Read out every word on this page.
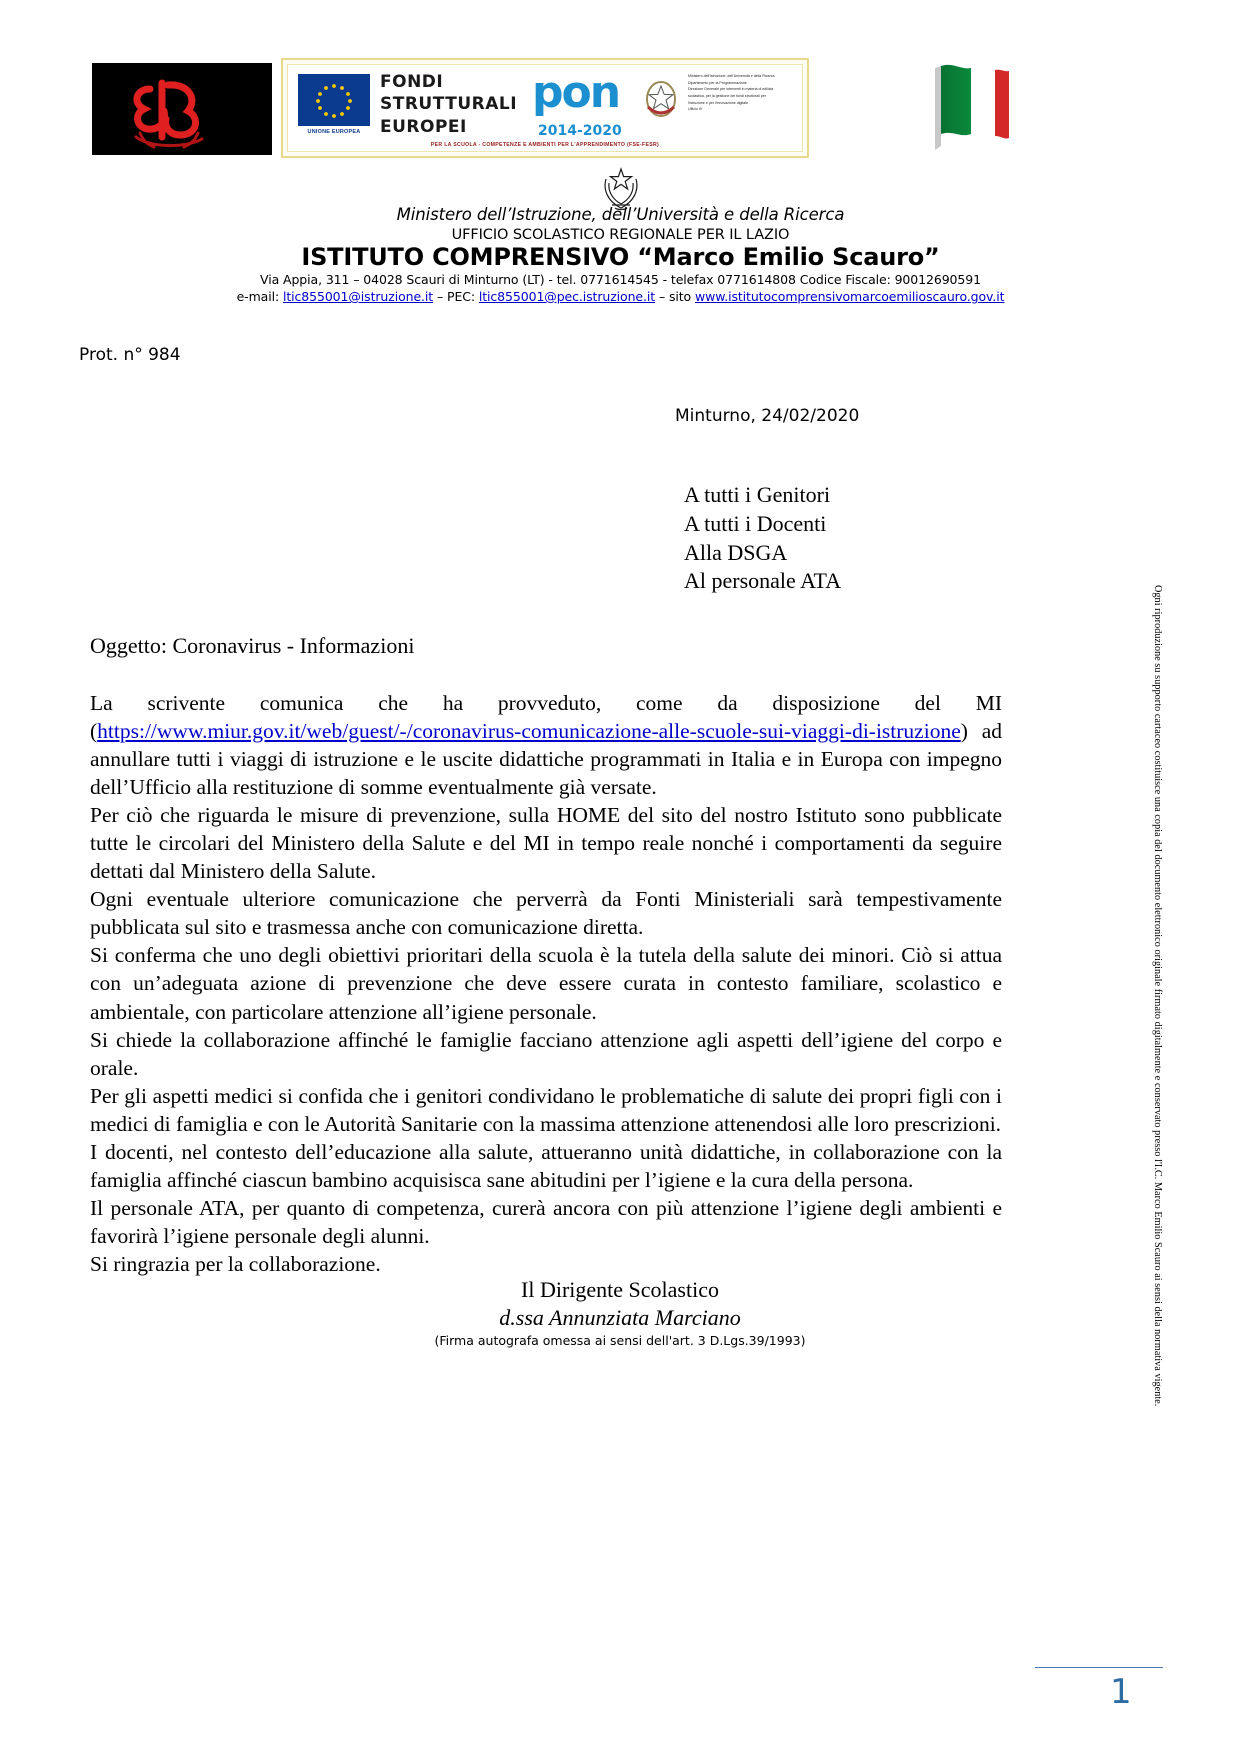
UNIONE EUROPEA
FONDI
STRUTTURALI
EUROPEI
pon
2014-2020
Ministero dell'Istruzione, dell'Università e della Ricerca
Dipartimento per la Programmazione
Direzione Generale per interventi in materia di edilizia
scolastica, per la gestione dei fondi strutturali per
l'istruzione e per l'innovazione digitale
Ufficio IV
PER LA SCUOLA - COMPETENZE E AMBIENTI PER L'APPRENDIMENTO (FSE-FESR)
Ministero dell’Istruzione, dell’Università e della Ricerca
UFFICIO SCOLASTICO REGIONALE PER IL LAZIO
ISTITUTO COMPRENSIVO “Marco Emilio Scauro”
Via Appia, 311 – 04028 Scauri di Minturno (LT) - tel. 0771614545 - telefax 0771614808 Codice Fiscale: 90012690591
e-mail: ltic855001@istruzione.it – PEC: ltic855001@pec.istruzione.it – sito www.istitutocomprensivomarcoemilioscauro.gov.it
Prot. n° 984
Minturno, 24/02/2020
A tutti i Genitori
A tutti i Docenti
Alla DSGA
Al personale ATA
Oggetto: Coronavirus - Informazioni

La scrivente comunica che ha provveduto, come da disposizione del MI
(https://www.miur.gov.it/web/guest/-/coronavirus-comunicazione-alle-scuole-sui-viaggi-di-istruzione) ad annullare tutti i viaggi di istruzione e le uscite didattiche programmati in Italia e in Europa con impegno dell’Ufficio alla restituzione di somme eventualmente già versate.

Per ciò che riguarda le misure di prevenzione, sulla HOME del sito del nostro Istituto sono pubblicate tutte le circolari del Ministero della Salute e del MI in tempo reale nonché i comportamenti da seguire dettati dal Ministero della Salute.

Ogni eventuale ulteriore comunicazione che perverrà da Fonti Ministeriali sarà tempestivamente pubblicata sul sito e trasmessa anche con comunicazione diretta.

Si conferma che uno degli obiettivi prioritari della scuola è la tutela della salute dei minori. Ciò si attua con un’adeguata azione di prevenzione che deve essere curata in contesto familiare, scolastico e ambientale, con particolare attenzione all’igiene personale.

Si chiede la collaborazione affinché le famiglie facciano attenzione agli aspetti dell’igiene del corpo e orale.

Per gli aspetti medici si confida che i genitori condividano le problematiche di salute dei propri figli con i medici di famiglia e con le Autorità Sanitarie con la massima attenzione attenendosi alle loro prescrizioni.

I docenti, nel contesto dell’educazione alla salute, attueranno unità didattiche, in collaborazione con la famiglia affinché ciascun bambino acquisisca sane abitudini per l’igiene e la cura della persona.

Il personale ATA, per quanto di competenza, curerà ancora con più attenzione l’igiene degli ambienti e favorirà l’igiene personale degli alunni.

Si ringrazia per la collaborazione.

Il Dirigente Scolastico
d.ssa Annunziata Marciano
(Firma autografa omessa ai sensi dell'art. 3 D.Lgs.39/1993)	Ogni riproduzione su supporto cartaceo costituisce una copia del documento elettronico originale firmato digitalmente e conservato presso l'I.C. Marco Emilio Scauro ai sensi della normativa vigente.
1
